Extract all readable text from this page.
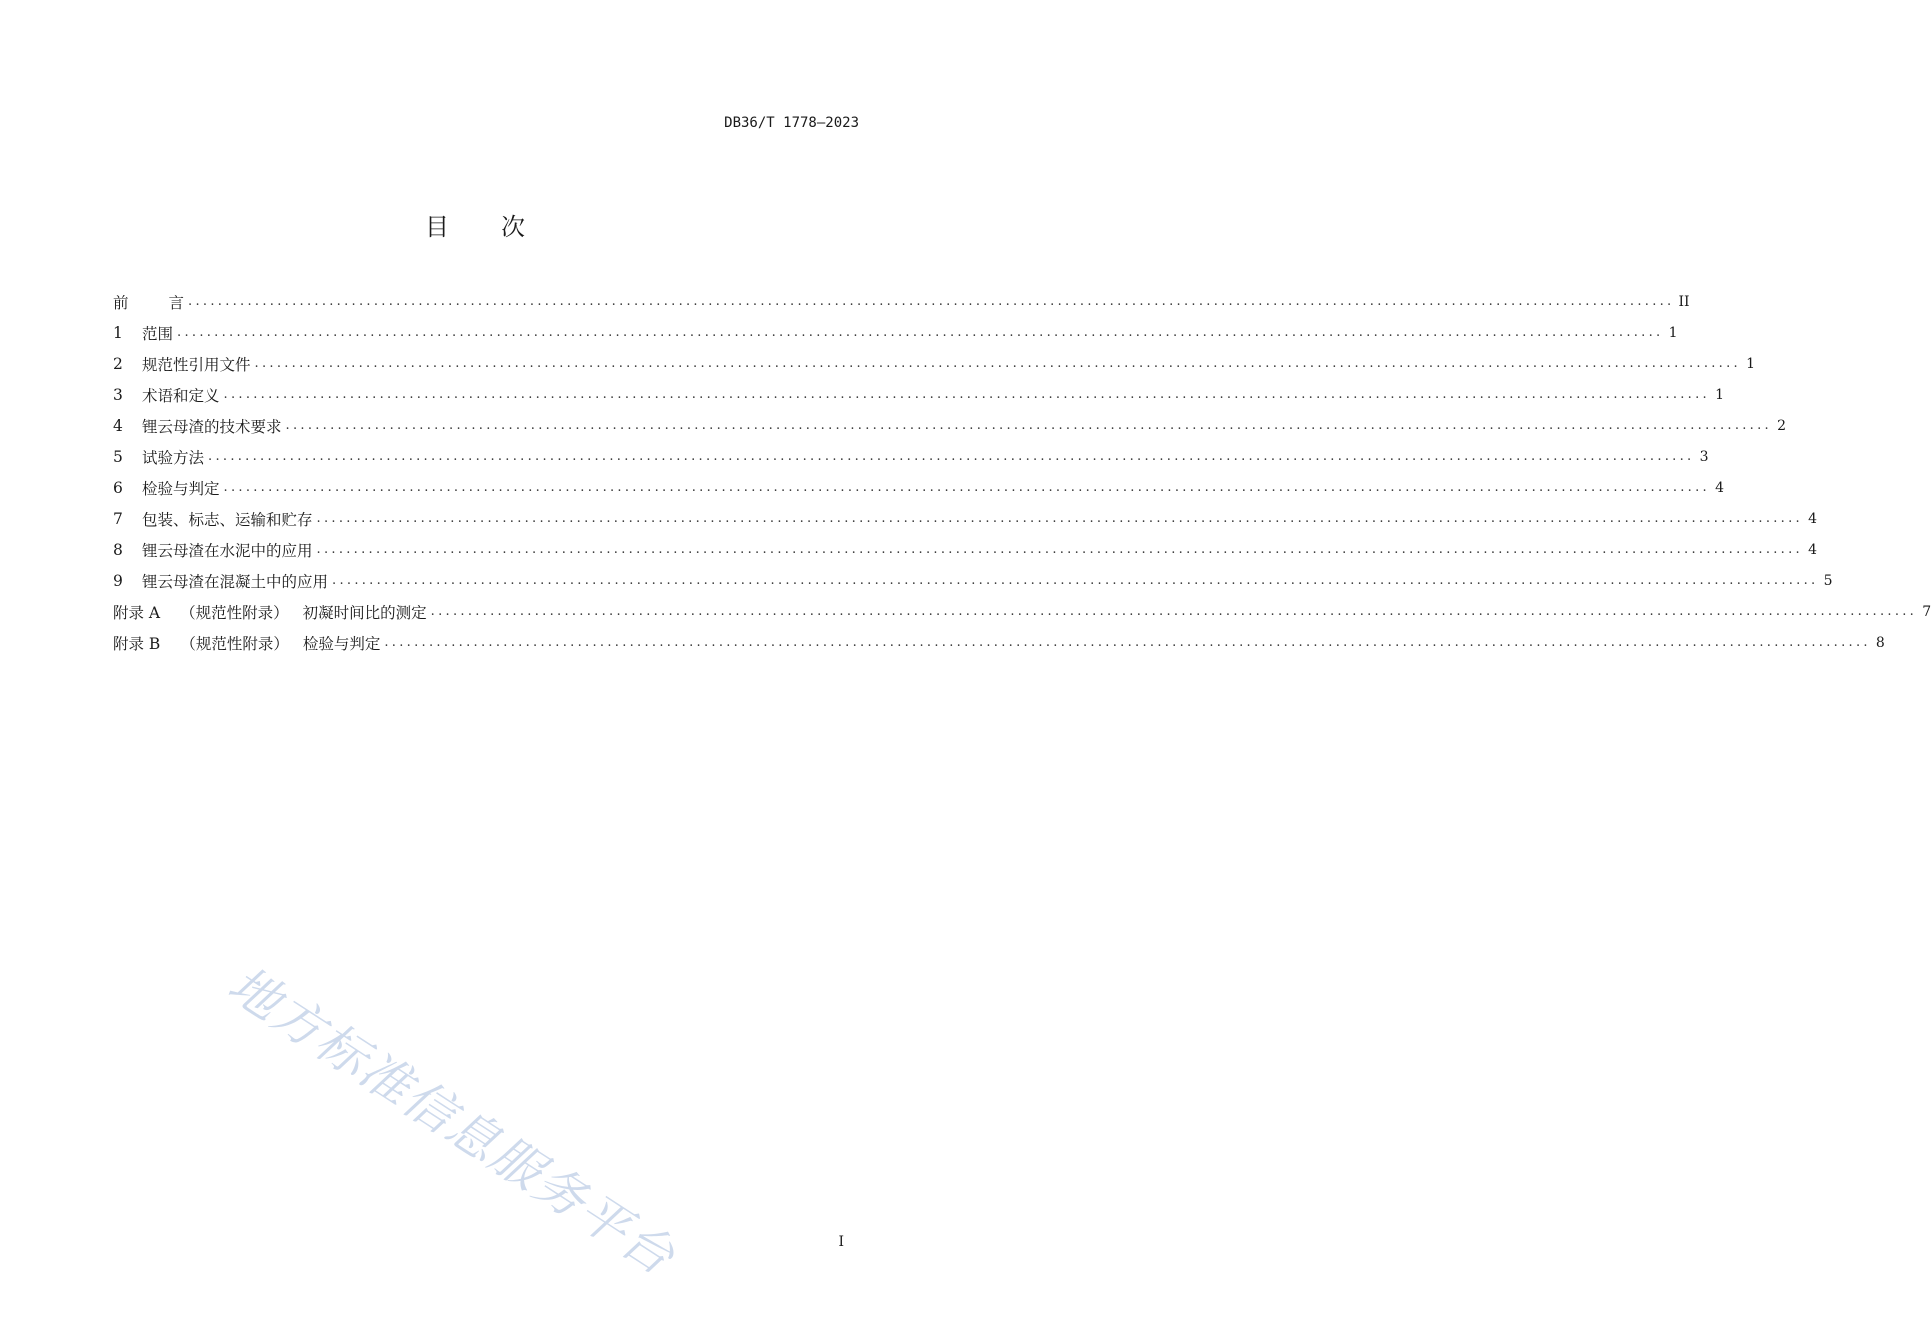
DB36/T 1778—2023
目次
前言 ........................................................................................................................................................................................................ II
1	范围 ........................................................................................................................................................................................................ 1
2	规范性引用文件 ........................................................................................................................................................................................................ 1
3	术语和定义 ........................................................................................................................................................................................................ 1
4	锂云母渣的技术要求 ........................................................................................................................................................................................................ 2
5	试验方法 ........................................................................................................................................................................................................ 3
6	检验与判定 ........................................................................................................................................................................................................ 4
7	包装、标志、运输和贮存 ........................................................................................................................................................................................................ 4
8	锂云母渣在水泥中的应用 ........................................................................................................................................................................................................ 4
9	锂云母渣在混凝土中的应用 ........................................................................................................................................................................................................ 5
附录 A （规范性附录） 初凝时间比的测定 ........................................................................................................................................................................................................ 7
附录 B （规范性附录） 检验与判定 ........................................................................................................................................................................................................ 8
地方标准信息服务平台	I
